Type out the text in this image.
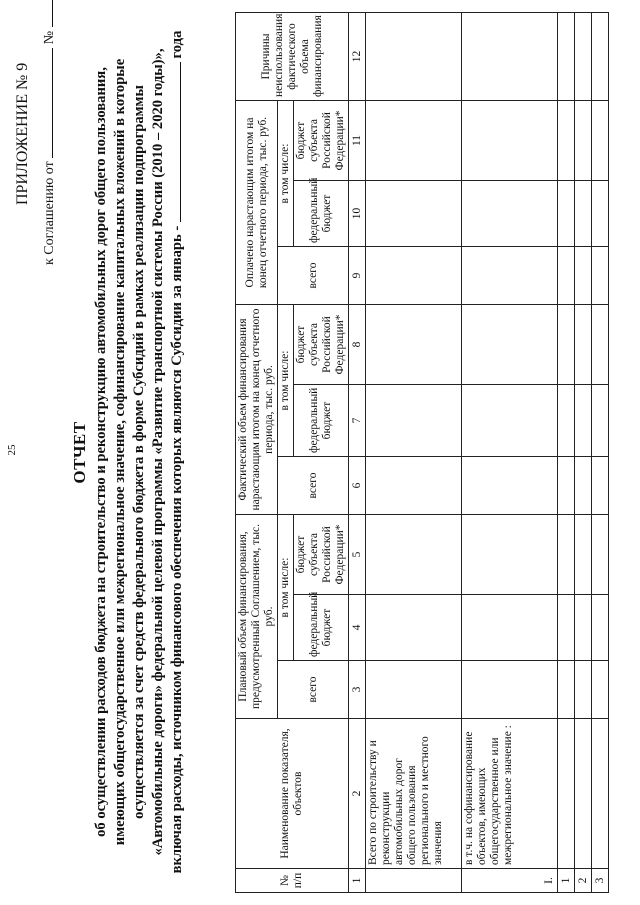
25
ПРИЛОЖЕНИЕ № 9
к Соглашению от  №
ОТЧЕТ об осуществлении расходов бюджета на строительство и реконструкцию автомобильных дорог общего пользования, имеющих общегосударственное или межрегиональное значение, софинансирование капитальных вложений в которые осуществляется за счет средств федерального бюджета в форме Субсидий в рамках реализации подпрограммы «Автомобильные дороги» федеральной целевой программы «Развитие транспортной системы России (2010 – 2020 годы)», включая расходы, источником финансового обеспечения которых являются Субсидии за январь -  года
№ п/п	Наименование показателя, объектов	Плановый объем финансирования, предусмотренный Соглашением, тыс. руб.			Фактический объем финансирования нарастающим итогом на конец отчетного периода, тыс. руб.			Оплачено нарастающим итогом на конец отчетного периода, тыс. руб.			Причины неиспользования фактического объема финансирования
		всего	в том числе:		всего	в том числе:		всего	в том числе:		
			федеральный бюджет	бюджет субъекта Российской Федерации*		федеральный бюджет	бюджет субъекта Российской Федерации*		федеральный бюджет	бюджет субъекта Российской Федерации*	
1	2	3	4	5	6	7	8	9	10	11	12
	Всего по строительству и реконструкции автомобильных дорог общего пользования регионального и местного значения										
I.	в т.ч. на софинансирование объектов, имеющих общегосударственное или межрегиональное значение :										
1											
2											
3											
